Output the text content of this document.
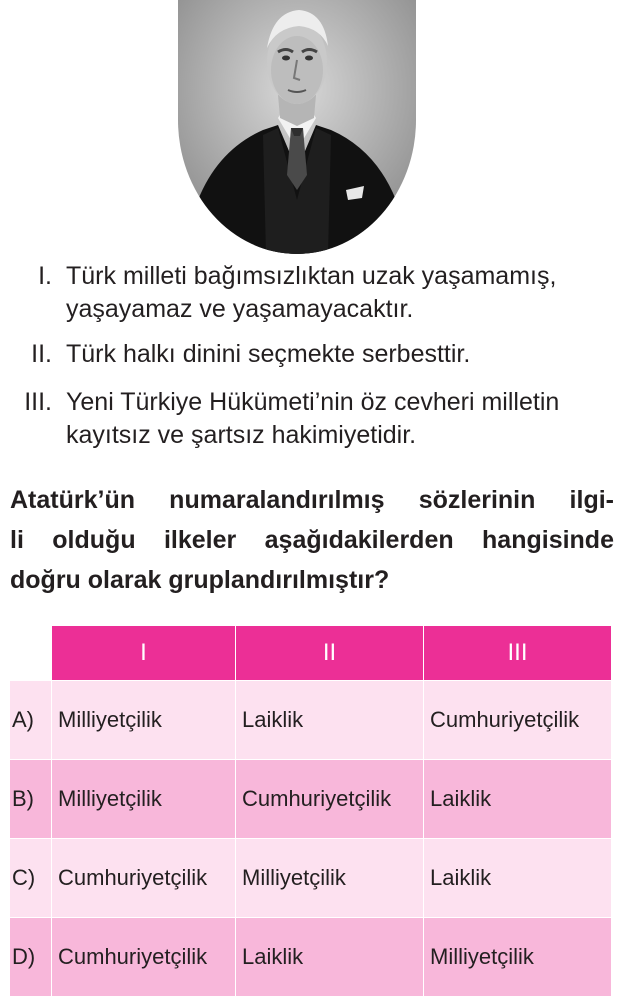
I. Türk milleti bağımsızlıktan uzak yaşamamış,
yaşayamaz ve yaşamayacaktır.
II. Türk halkı dinini seçmekte serbesttir.
III. Yeni Türkiye Hükümeti’nin öz cevheri milletin
kayıtsız ve şartsız hakimiyetidir.
Atatürk’ün numaralandırılmış sözlerinin ilgi-
li olduğu ilkeler aşağıdakilerden hangisinde
doğru olarak gruplandırılmıştır?
	I	II	III
A)	Milliyetçilik	Laiklik	Cumhuriyetçilik
B)	Milliyetçilik	Cumhuriyetçilik	Laiklik
C)	Cumhuriyetçilik	Milliyetçilik	Laiklik
D)	Cumhuriyetçilik	Laiklik	Milliyetçilik
